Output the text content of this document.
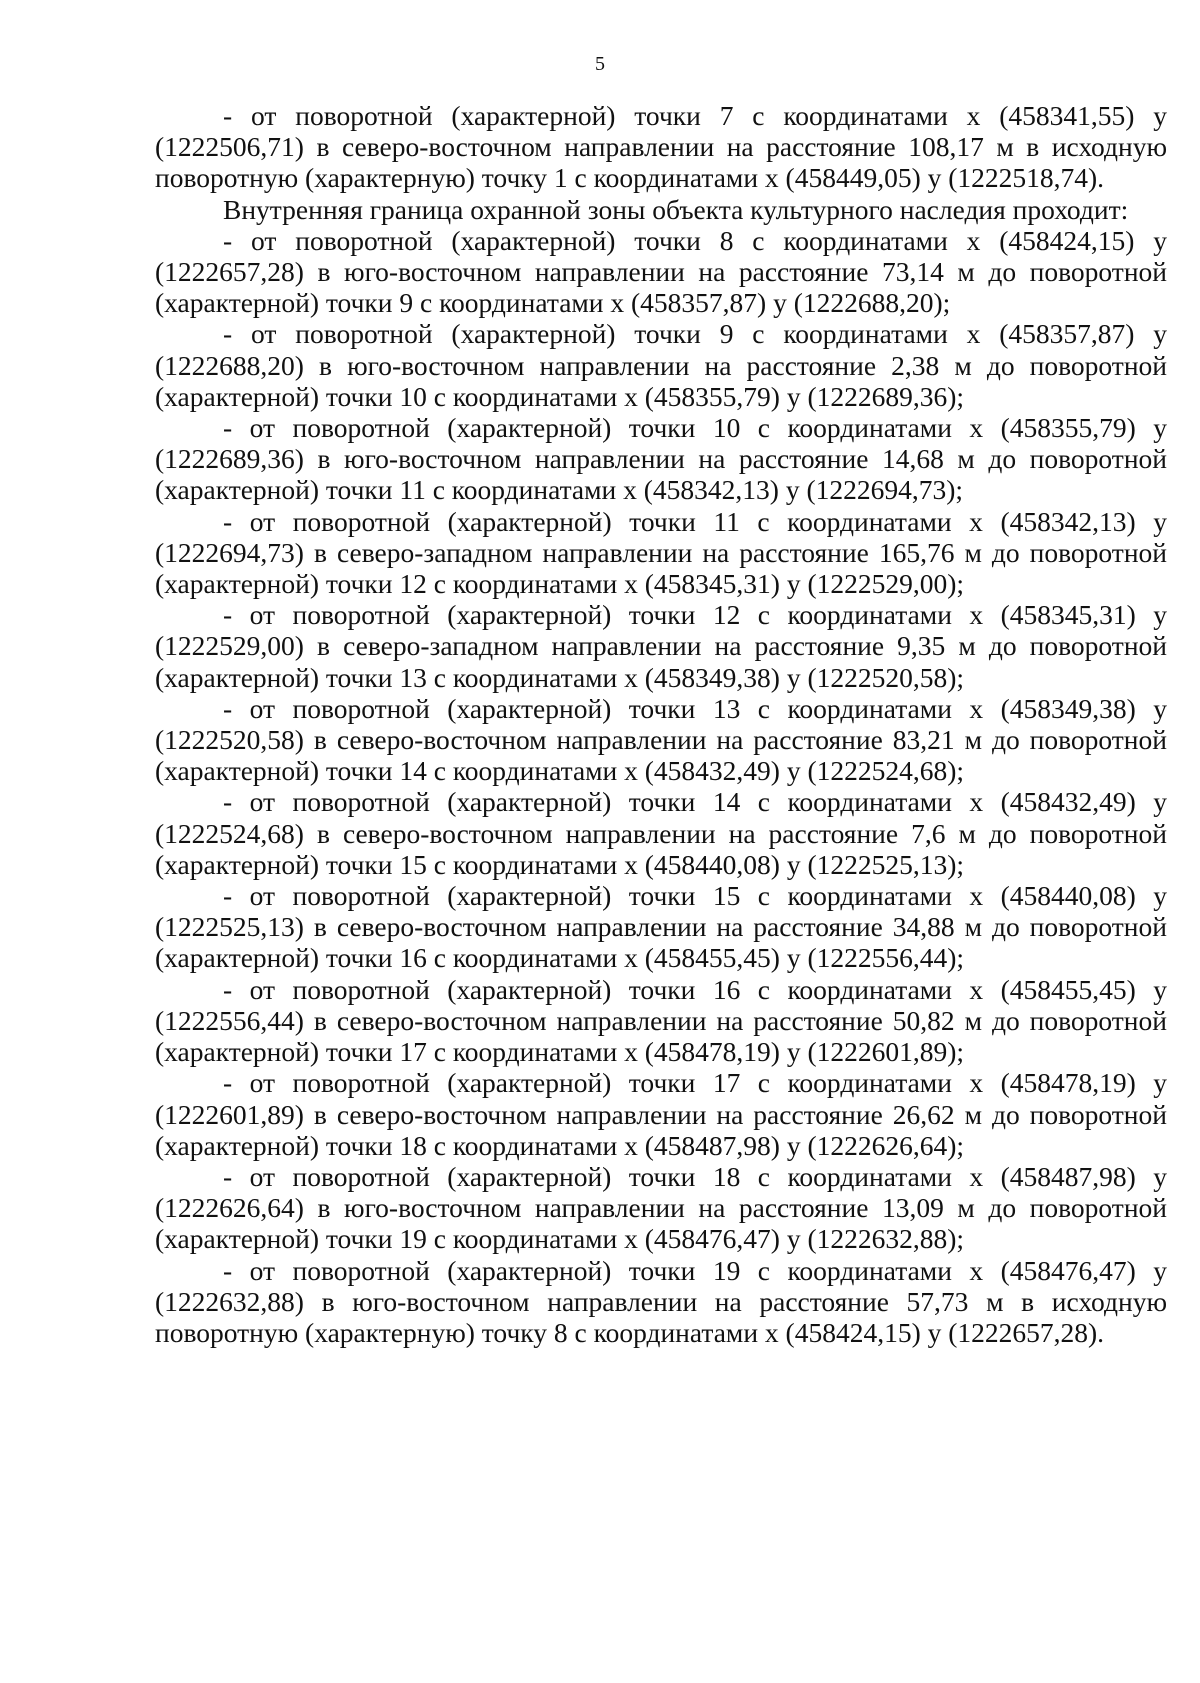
5

- от поворотной (характерной) точки 7 с координатами х (458341,55) у (1222506,71) в северо-восточном направлении на расстояние 108,17 м в исходную поворотную (характерную) точку 1 с координатами х (458449,05) у (1222518,74).

Внутренняя граница охранной зоны объекта культурного наследия проходит:

- от поворотной (характерной) точки 8 с координатами х (458424,15) у (1222657,28) в юго-восточном направлении на расстояние 73,14 м до поворотной (характерной) точки 9 с координатами х (458357,87) у (1222688,20);

- от поворотной (характерной) точки 9 с координатами х (458357,87) у (1222688,20) в юго-восточном направлении на расстояние 2,38 м до поворотной (характерной) точки 10 с координатами х (458355,79) у (1222689,36);

- от поворотной (характерной) точки 10 с координатами х (458355,79) у (1222689,36) в юго-восточном направлении на расстояние 14,68 м до поворотной (характерной) точки 11 с координатами х (458342,13) у (1222694,73);

- от поворотной (характерной) точки 11 с координатами х (458342,13) у (1222694,73) в северо-западном направлении на расстояние 165,76 м до поворотной (характерной) точки 12 с координатами х (458345,31) у (1222529,00);

- от поворотной (характерной) точки 12 с координатами х (458345,31) у (1222529,00) в северо-западном направлении на расстояние 9,35 м до поворотной (характерной) точки 13 с координатами х (458349,38) у (1222520,58);

- от поворотной (характерной) точки 13 с координатами х (458349,38) у (1222520,58) в северо-восточном направлении на расстояние 83,21 м до поворотной (характерной) точки 14 с координатами х (458432,49) у (1222524,68);

- от поворотной (характерной) точки 14 с координатами х (458432,49) у (1222524,68) в северо-восточном направлении на расстояние 7,6 м до поворотной (характерной) точки 15 с координатами х (458440,08) у (1222525,13);

- от поворотной (характерной) точки 15 с координатами х (458440,08) у (1222525,13) в северо-восточном направлении на расстояние 34,88 м до поворотной (характерной) точки 16 с координатами х (458455,45) у (1222556,44);

- от поворотной (характерной) точки 16 с координатами х (458455,45) у (1222556,44) в северо-восточном направлении на расстояние 50,82 м до поворотной (характерной) точки 17 с координатами х (458478,19) у (1222601,89);

- от поворотной (характерной) точки 17 с координатами х (458478,19) у (1222601,89) в северо-восточном направлении на расстояние 26,62 м до поворотной (характерной) точки 18 с координатами х (458487,98) у (1222626,64);

- от поворотной (характерной) точки 18 с координатами х (458487,98) у (1222626,64) в юго-восточном направлении на расстояние 13,09 м до поворотной (характерной) точки 19 с координатами х (458476,47) у (1222632,88);

- от поворотной (характерной) точки 19 с координатами х (458476,47) у (1222632,88) в юго-восточном направлении на расстояние 57,73 м в исходную поворотную (характерную) точку 8 с координатами х (458424,15) у (1222657,28).
